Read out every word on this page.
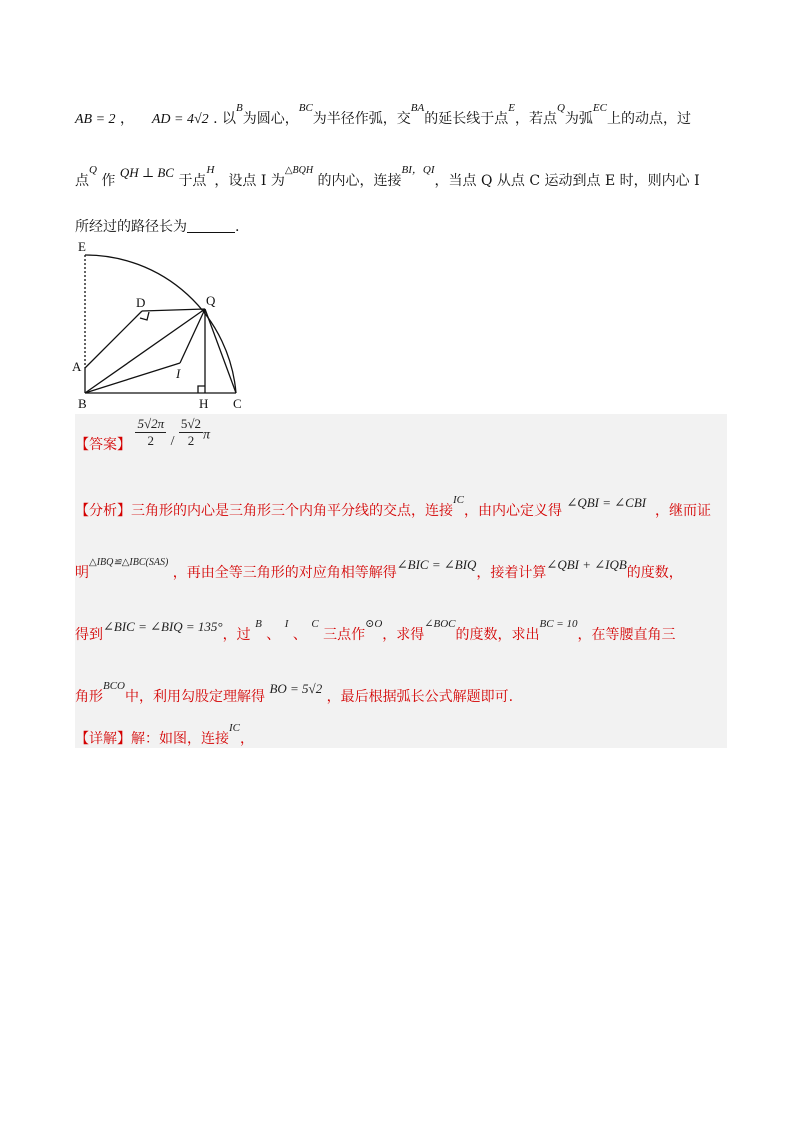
AB = 2 ， AD = 4√2 . 以$^B$为圆心，$^{BC}$为半径作弧，交$^{BA}$的延长线于点$^E$，若点$^Q$为弧$^{EC}$上的动点，过
点$^Q$ 作 QH ⊥ BC 于点$^H$，设点 I 为$^{\triangle BQH}$ 的内心，连接$^{BI,QI}$，当点 Q 从点 C 运动到点 E 时，则内心 I
所经过的路径长为	.
E
D	Q
A	I
B	H C
【答案】 $\frac{5√2\pi}{2} / \frac{5√2}{2}$ π
【分析】三角形的内心是三角形三个内角平分线的交点，连接$^{IC}$，由内心定义得 ∠QBI = ∠CBI  ，继而证
明$^{\triangle IBQ≌\triangle IBC(SAS)}$ ，再由全等三角形的对应角相等解得∠BIC = ∠BIQ，接着计算∠QBI + ∠IQB的度数，
得到∠BIC = ∠BIQ = 135°，过 $^B$ 、 $^I$ 、 $^C$ 三点作$^{⊙O}$，求得$^{\angle BOC}$的度数，求出$^{BC = 10}$，在等腰直角三
角形$^{BCO}$中，利用勾股定理解得 BO = 5√2 ，最后根据弧长公式解题即可.
【详解】解：如图，连接$^{IC}$，
